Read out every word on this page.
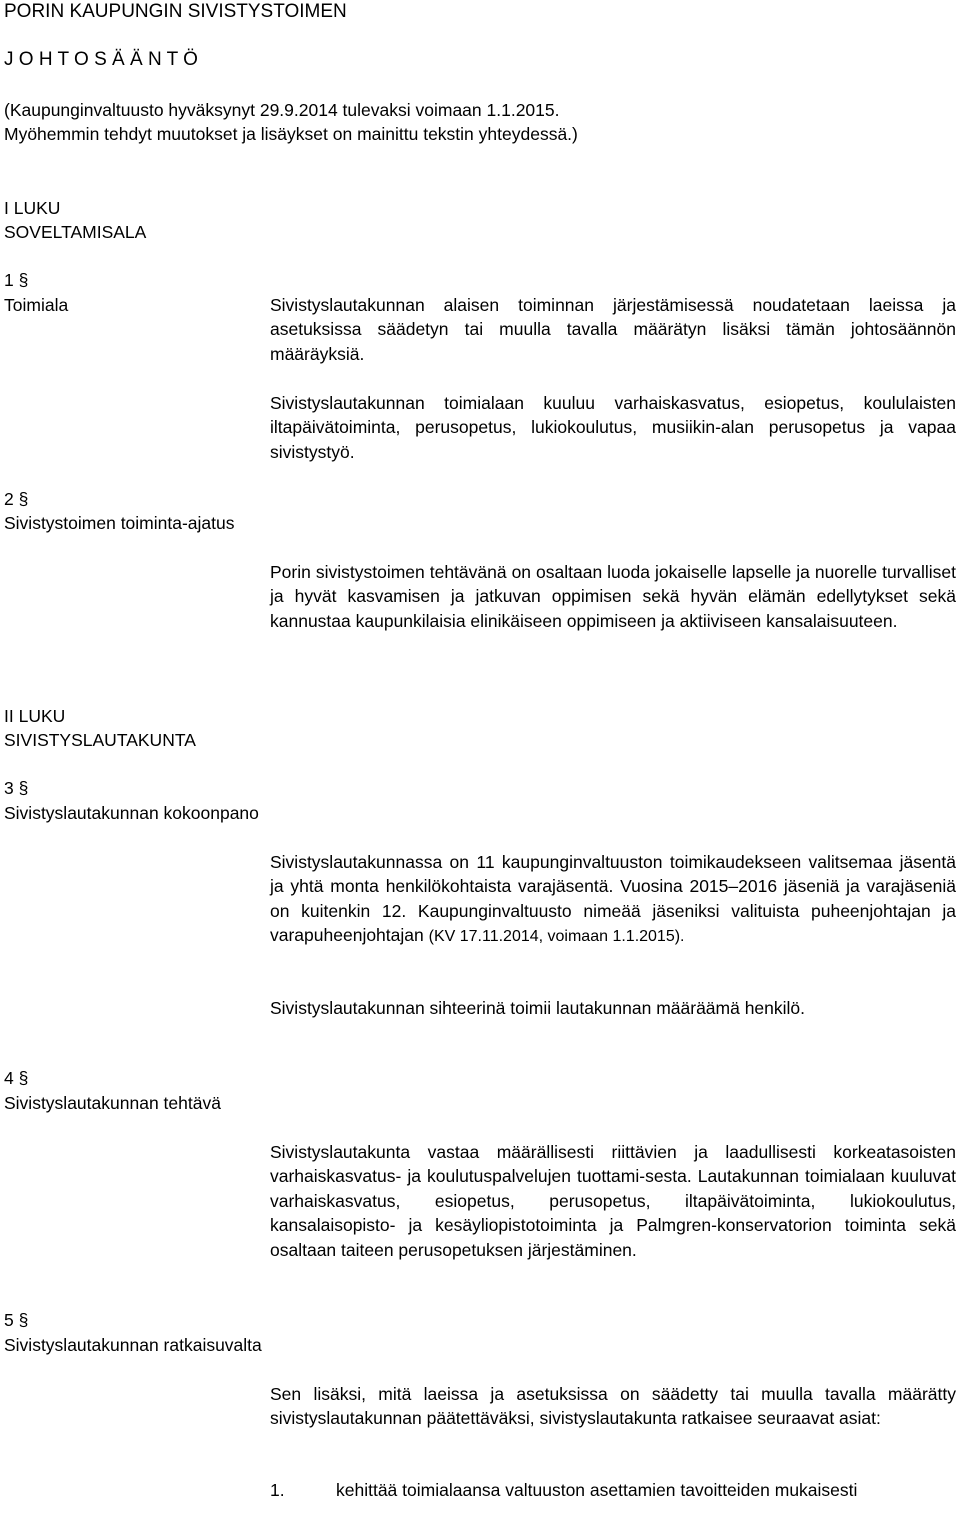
PORIN KAUPUNGIN SIVISTYSTOIMEN
J O H T O S Ä Ä N T Ö
(Kaupunginvaltuusto hyväksynyt 29.9.2014 tulevaksi voimaan 1.1.2015.
Myöhemmin tehdyt muutokset ja lisäykset on mainittu tekstin yhteydessä.)
I LUKU
SOVELTAMISALA
1 §
Toimiala	Sivistyslautakunnan alaisen toiminnan järjestämisessä noudatetaan laeissa ja asetuksissa säädetyn tai muulla tavalla määrätyn lisäksi tämän johtosäännön määräyksiä.
Sivistyslautakunnan toimialaan kuuluu varhaiskasvatus, esiopetus, koululaisten iltapäivätoiminta, perusopetus, lukiokoulutus, musiikin-alan perusopetus ja vapaa sivistystyö.
2 §
Sivistystoimen toiminta-ajatus
Porin sivistystoimen tehtävänä on osaltaan luoda jokaiselle lapselle ja nuorelle turvalliset ja hyvät kasvamisen ja jatkuvan oppimisen sekä hyvän elämän edellytykset sekä kannustaa kaupunkilaisia elinikäiseen oppimiseen ja aktiiviseen kansalaisuuteen.
II LUKU
SIVISTYSLAUTAKUNTA
3 §
Sivistyslautakunnan kokoonpano
Sivistyslautakunnassa on 11 kaupunginvaltuuston toimikaudekseen valitsemaa jäsentä ja yhtä monta henkilökohtaista varajäsentä. Vuosina 2015–2016 jäseniä ja varajäseniä on kuitenkin 12. Kaupunginvaltuusto nimeää jäseniksi valituista puheenjohtajan ja varapuheenjohtajan (KV 17.11.2014, voimaan 1.1.2015).
Sivistyslautakunnan sihteerinä toimii lautakunnan määräämä henkilö.
4 §
Sivistyslautakunnan tehtävä
Sivistyslautakunta vastaa määrällisesti riittävien ja laadullisesti korkeatasoisten varhaiskasvatus- ja koulutuspalvelujen tuottami-sesta. Lautakunnan toimialaan kuuluvat varhaiskasvatus, esiopetus, perusopetus, iltapäivätoiminta, lukiokoulutus, kansalaisopisto- ja kesäyliopistotoiminta ja Palmgren-konservatorion toiminta sekä osaltaan taiteen perusopetuksen järjestäminen.
5 §
Sivistyslautakunnan ratkaisuvalta
Sen lisäksi, mitä laeissa ja asetuksissa on säädetty tai muulla tavalla määrätty sivistyslautakunnan päätettäväksi, sivistyslautakunta ratkaisee seuraavat asiat:
1.	kehittää toimialaansa valtuuston asettamien tavoitteiden mukaisesti
